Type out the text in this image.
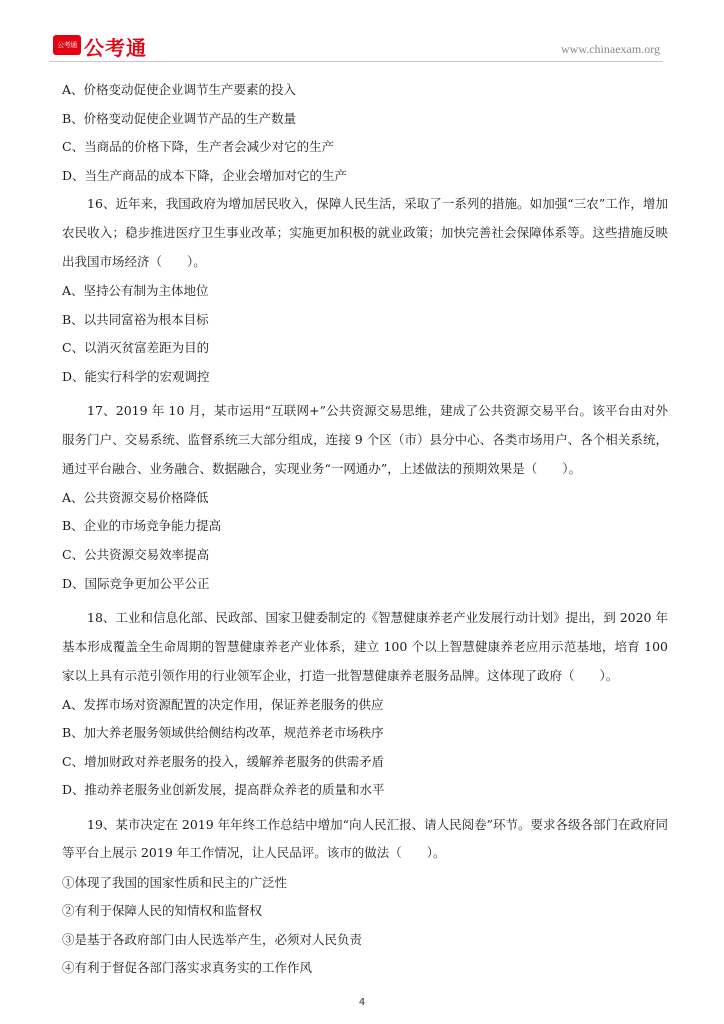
公考通 公考通	www.chinaexam.org

A、价格变动促使企业调节生产要素的投入

B、价格变动促使企业调节产品的生产数量

C、当商品的价格下降，生产者会减少对它的生产

D、当生产商品的成本下降，企业会增加对它的生产

16、近年来，我国政府为增加居民收入，保障人民生活，采取了一系列的措施。如加强“三农”工作，增加农民收入；稳步推进医疗卫生事业改革；实施更加积极的就业政策；加快完善社会保障体系等。这些措施反映出我国市场经济（　　）。

A、坚持公有制为主体地位

B、以共同富裕为根本目标

C、以消灭贫富差距为目的

D、能实行科学的宏观调控

17、2019 年 10 月，某市运用“互联网+”公共资源交易思维，建成了公共资源交易平台。该平台由对外服务门户、交易系统、监督系统三大部分组成，连接 9 个区（市）县分中心、各类市场用户、各个相关系统，通过平台融合、业务融合、数据融合，实现业务“一网通办”，上述做法的预期效果是（　　）。

A、公共资源交易价格降低

B、企业的市场竞争能力提高

C、公共资源交易效率提高

D、国际竞争更加公平公正

18、工业和信息化部、民政部、国家卫健委制定的《智慧健康养老产业发展行动计划》提出，到 2020 年基本形成覆盖全生命周期的智慧健康养老产业体系，建立 100 个以上智慧健康养老应用示范基地，培育 100 家以上具有示范引领作用的行业领军企业，打造一批智慧健康养老服务品牌。这体现了政府（　　）。

A、发挥市场对资源配置的决定作用，保证养老服务的供应

B、加大养老服务领域供给侧结构改革，规范养老市场秩序

C、增加财政对养老服务的投入，缓解养老服务的供需矛盾

D、推动养老服务业创新发展，提高群众养老的质量和水平

19、某市决定在 2019 年年终工作总结中增加“向人民汇报、请人民阅卷”环节。要求各级各部门在政府同等平台上展示 2019 年工作情况，让人民品评。该市的做法（　　）。

①体现了我国的国家性质和民主的广泛性

②有利于保障人民的知情权和监督权

③是基于各政府部门由人民选举产生，必须对人民负责

④有利于督促各部门落实求真务实的工作作风

4
